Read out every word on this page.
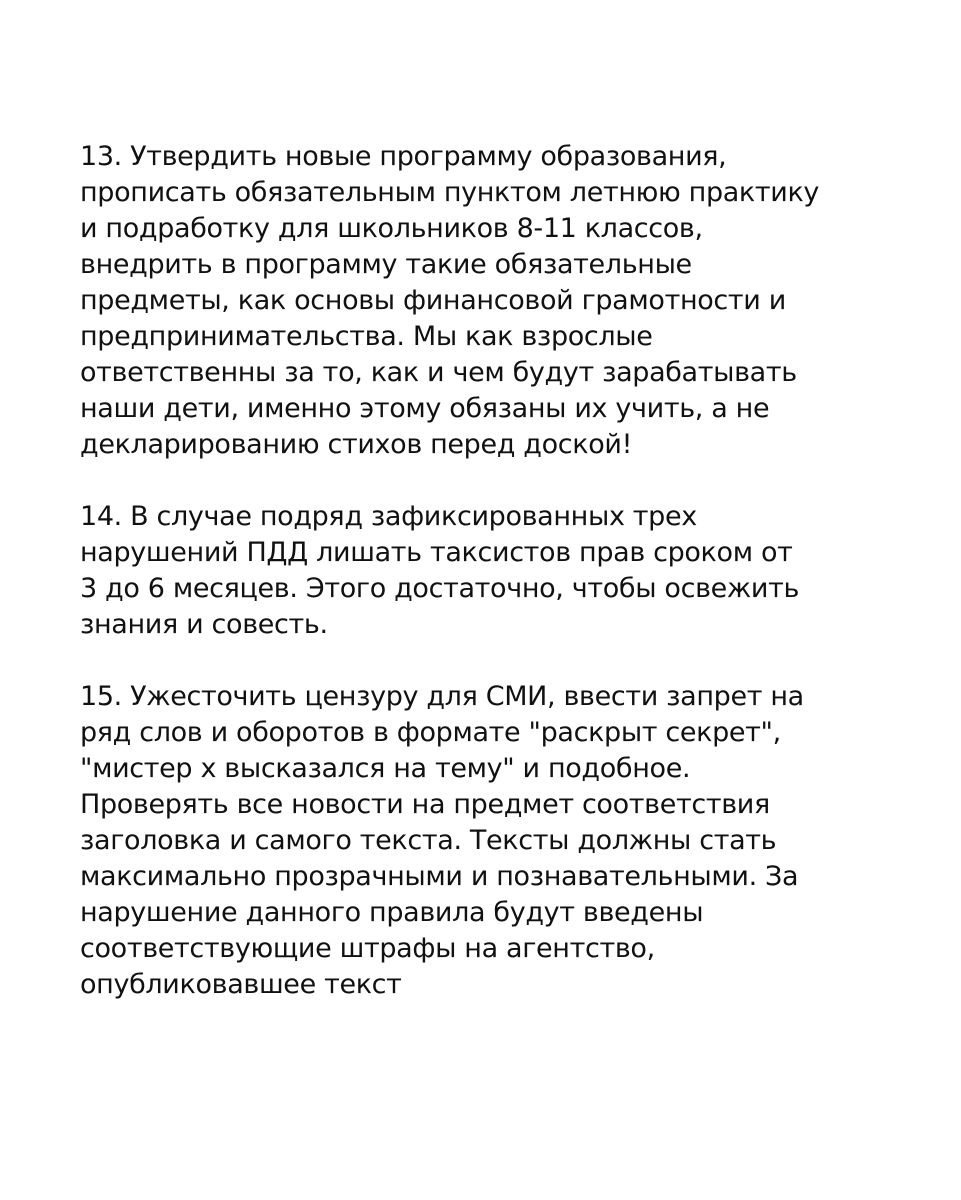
13. Утвердить новые программу образования,
прописать обязательным пунктом летнюю практику
и подработку для школьников 8-11 классов,
внедрить в программу такие обязательные
предметы, как основы финансовой грамотности и
предпринимательства. Мы как взрослые
ответственны за то, как и чем будут зарабатывать
наши дети, именно этому обязаны их учить, а не
декларированию стихов перед доской!
14. В случае подряд зафиксированных трех
нарушений ПДД лишать таксистов прав сроком от
3 до 6 месяцев. Этого достаточно, чтобы освежить
знания и совесть.
15. Ужесточить цензуру для СМИ, ввести запрет на
ряд слов и оборотов в формате "раскрыт секрет",
"мистер х высказался на тему" и подобное.
Проверять все новости на предмет соответствия
заголовка и самого текста. Тексты должны стать
максимально прозрачными и познавательными. За
нарушение данного правила будут введены
соответствующие штрафы на агентство,
опубликовавшее текст
